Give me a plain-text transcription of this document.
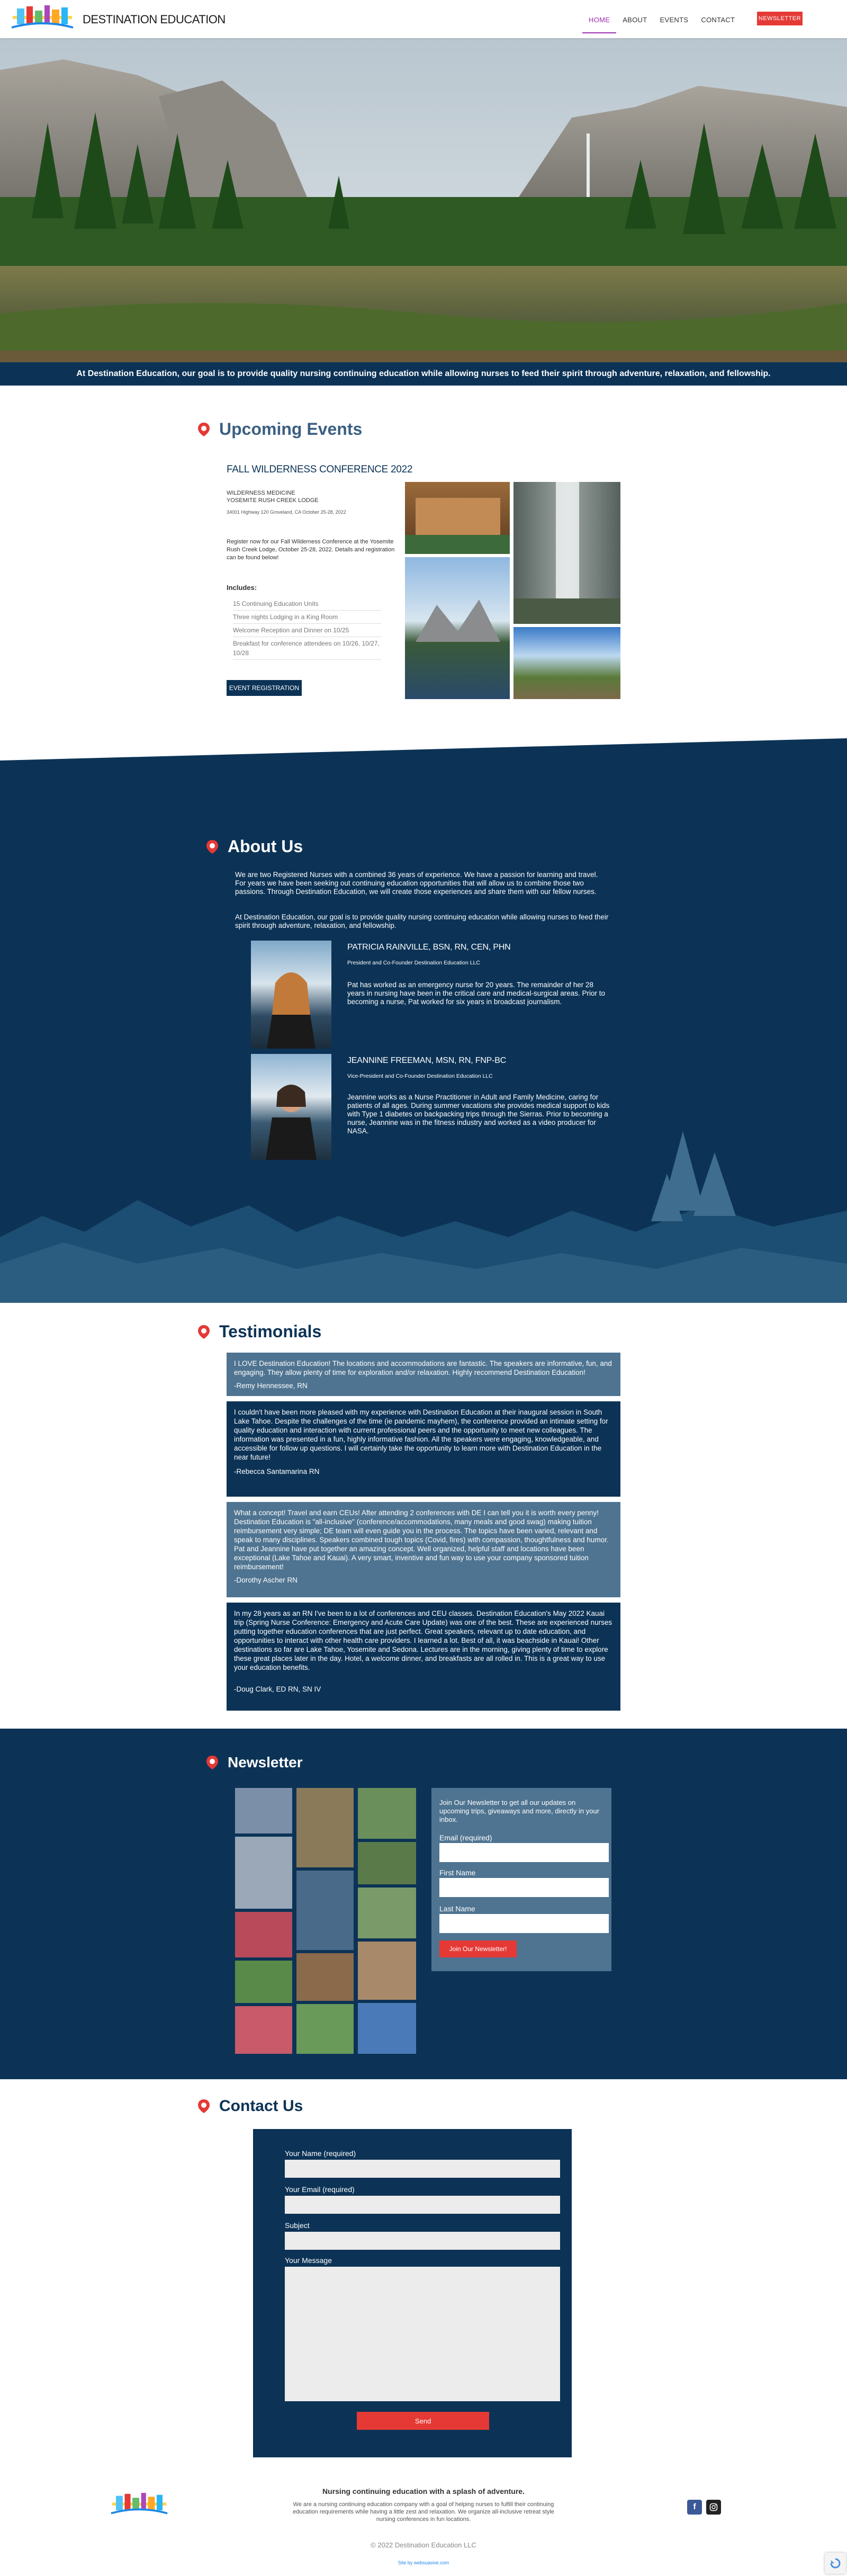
DESTINATION EDUCATION	HOME	ABOUT	EVENTS	CONTACT	NEWSLETTER
At Destination Education, our goal is to provide quality nursing continuing education while allowing nurses to feed their spirit through adventure, relaxation, and fellowship.
Upcoming Events
FALL WILDERNESS CONFERENCE 2022
WILDERNESS MEDICINE
YOSEMITE RUSH CREEK LODGE
34001 Highway 120 Groveland, CA October 25-28, 2022
Register now for our Fall Wilderness Conference at the Yosemite Rush Creek Lodge, October 25-28, 2022. Details and registration can be found below!
Includes:
15 Continuing Education Units
Three nights Lodging in a King Room
Welcome Reception and Dinner on 10/25
Breakfast for conference attendees on 10/26, 10/27, 10/28
EVENT REGISTRATION
About Us
We are two Registered Nurses with a combined 36 years of experience. We have a passion for learning and travel. For years we have been seeking out continuing education opportunities that will allow us to combine those two passions. Through Destination Education, we will create those experiences and share them with our fellow nurses.
At Destination Education, our goal is to provide quality nursing continuing education while allowing nurses to feed their spirit through adventure, relaxation, and fellowship.
PATRICIA RAINVILLE, BSN, RN, CEN, PHN
President and Co-Founder Destination Education LLC
Pat has worked as an emergency nurse for 20 years. The remainder of her 28 years in nursing have been in the critical care and medical-surgical areas. Prior to becoming a nurse, Pat worked for six years in broadcast journalism.
JEANNINE FREEMAN, MSN, RN, FNP-BC
Vice-President and Co-Founder Destination Education LLC
Jeannine works as a Nurse Practitioner in Adult and Family Medicine, caring for patients of all ages. During summer vacations she provides medical support to kids with Type 1 diabetes on backpacking trips through the Sierras. Prior to becoming a nurse, Jeannine was in the fitness industry and worked as a video producer for NASA.
Testimonials
I LOVE Destination Education! The locations and accommodations are fantastic. The speakers are informative, fun, and engaging. They allow plenty of time for exploration and/or relaxation. Highly recommend Destination Education!
-Remy Hennessee, RN
I couldn't have been more pleased with my experience with Destination Education at their inaugural session in South Lake Tahoe. Despite the challenges of the time (ie pandemic mayhem), the conference provided an intimate setting for quality education and interaction with current professional peers and the opportunity to meet new colleagues. The information was presented in a fun, highly informative fashion. All the speakers were engaging, knowledgeable, and accessible for follow up questions. I will certainly take the opportunity to learn more with Destination Education in the near future!
-Rebecca Santamarina RN
What a concept! Travel and earn CEUs! After attending 2 conferences with DE I can tell you it is worth every penny! Destination Education is "all-inclusive" (conference/accommodations, many meals and good swag) making tuition reimbursement very simple; DE team will even guide you in the process. The topics have been varied, relevant and speak to many disciplines. Speakers combined tough topics (Covid, fires) with compassion, thoughtfulness and humor. Pat and Jeannine have put together an amazing concept. Well organized, helpful staff and locations have been exceptional (Lake Tahoe and Kauai). A very smart, inventive and fun way to use your company sponsored tuition reimbursement!
-Dorothy Ascher RN
In my 28 years as an RN I've been to a lot of conferences and CEU classes. Destination Education's May 2022 Kauai trip (Spring Nurse Conference: Emergency and Acute Care Update) was one of the best. These are experienced nurses putting together education conferences that are just perfect. Great speakers, relevant up to date education, and opportunities to interact with other health care providers. I learned a lot. Best of all, it was beachside in Kauai! Other destinations so far are Lake Tahoe, Yosemite and Sedona. Lectures are in the morning, giving plenty of time to explore these great places later in the day. Hotel, a welcome dinner, and breakfasts are all rolled in. This is a great way to use your education benefits.
-Doug Clark, ED RN, SN IV
Newsletter
Join Our Newsletter to get all our updates on upcoming trips, giveaways and more, directly in your inbox.
Email (required)
First Name
Last Name
Join Our Newsletter!
Contact Us
Your Name (required)
Your Email (required)
Subject
Your Message
Send
Nursing continuing education with a splash of adventure.
We are a nursing continuing education company with a goal of helping nurses to fulfill their continuing education requirements while having a little zest and relaxation. We organize all-inclusive retreat style nursing conferences in fun locations.
f
© 2022 Destination Education LLC
Site by websuasive.com
